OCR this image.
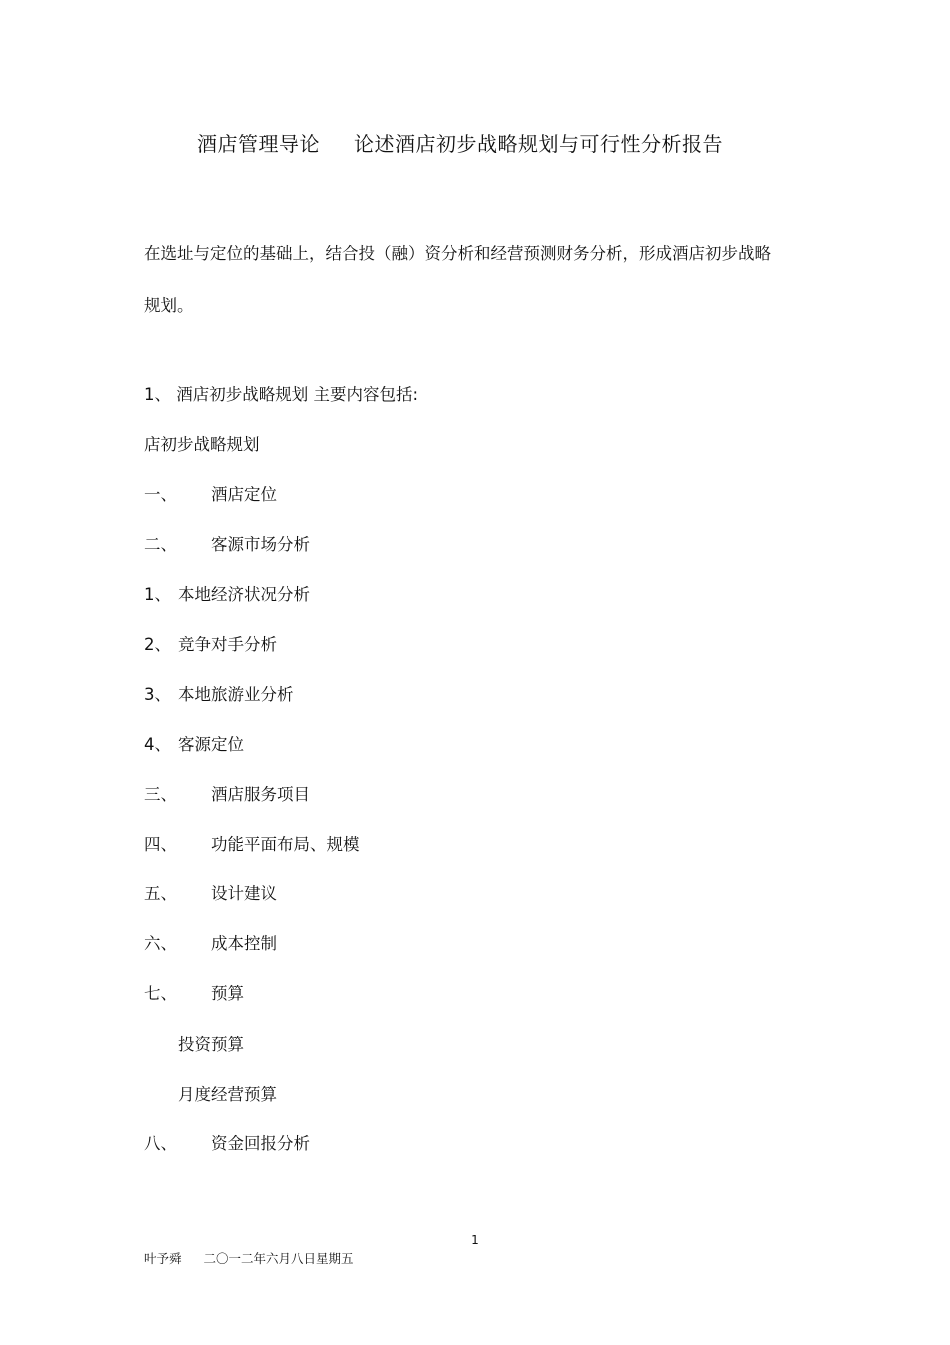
酒店管理导论 论述酒店初步战略规划与可行性分析报告
在选址与定位的基础上，结合投（融）资分析和经营预测财务分析，形成酒店初步战略规划。
1、 酒店初步战略规划 主要内容包括:
店初步战略规划
一、 酒店定位
二、 客源市场分析
1、 本地经济状况分析
2、 竞争对手分析
3、 本地旅游业分析
4、 客源定位
三、 酒店服务项目
四、 功能平面布局、规模
五、 设计建议
六、 成本控制
七、 预算
投资预算
月度经营预算
八、 资金回报分析
1
叶予舜 二〇一二年六月八日星期五
